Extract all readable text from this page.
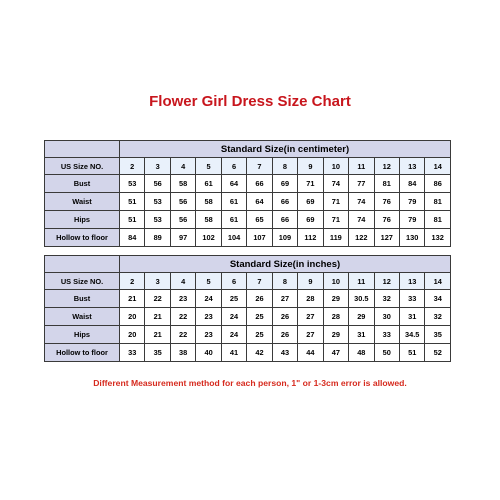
Flower Girl Dress Size Chart
	Standard Size(in centimeter)												
US Size NO.	2	3	4	5	6	7	8	9	10	11	12	13	14
Bust	53	56	58	61	64	66	69	71	74	77	81	84	86
Waist	51	53	56	58	61	64	66	69	71	74	76	79	81
Hips	51	53	56	58	61	65	66	69	71	74	76	79	81
Hollow to floor	84	89	97	102	104	107	109	112	119	122	127	130	132
	Standard Size(in inches)												
US Size NO.	2	3	4	5	6	7	8	9	10	11	12	13	14
Bust	21	22	23	24	25	26	27	28	29	30.5	32	33	34
Waist	20	21	22	23	24	25	26	27	28	29	30	31	32
Hips	20	21	22	23	24	25	26	27	29	31	33	34.5	35
Hollow to floor	33	35	38	40	41	42	43	44	47	48	50	51	52
Different Measurement method for each person, 1" or 1-3cm error is allowed.
